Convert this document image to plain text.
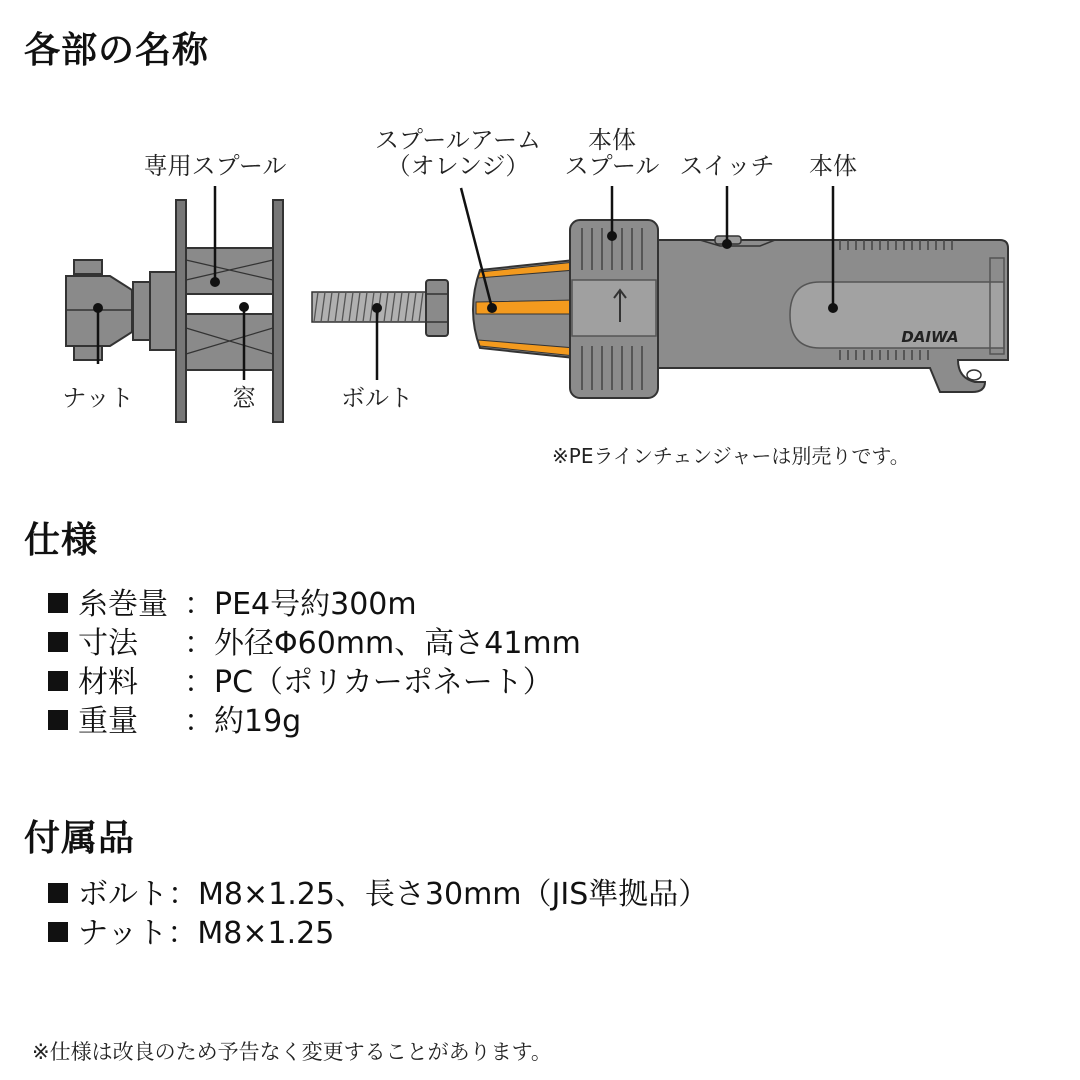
各部の名称
専用スプール
スプールアーム
（オレンジ）
本体
スプール スイッチ 本体
DAIWA
ナット	窓	ボルト
※PEラインチェンジャーは別売りです。
仕様
糸巻量 ：PE4号約300m
寸法 ：外径Φ60mm、高さ41mm
材料 ：PC（ポリカーポネート）
重量 ：約19g
付属品
ボルト：M8×1.25、長さ30mm（JIS準拠品）
ナット：M8×1.25
※仕様は改良のため予告なく変更することがあります。
